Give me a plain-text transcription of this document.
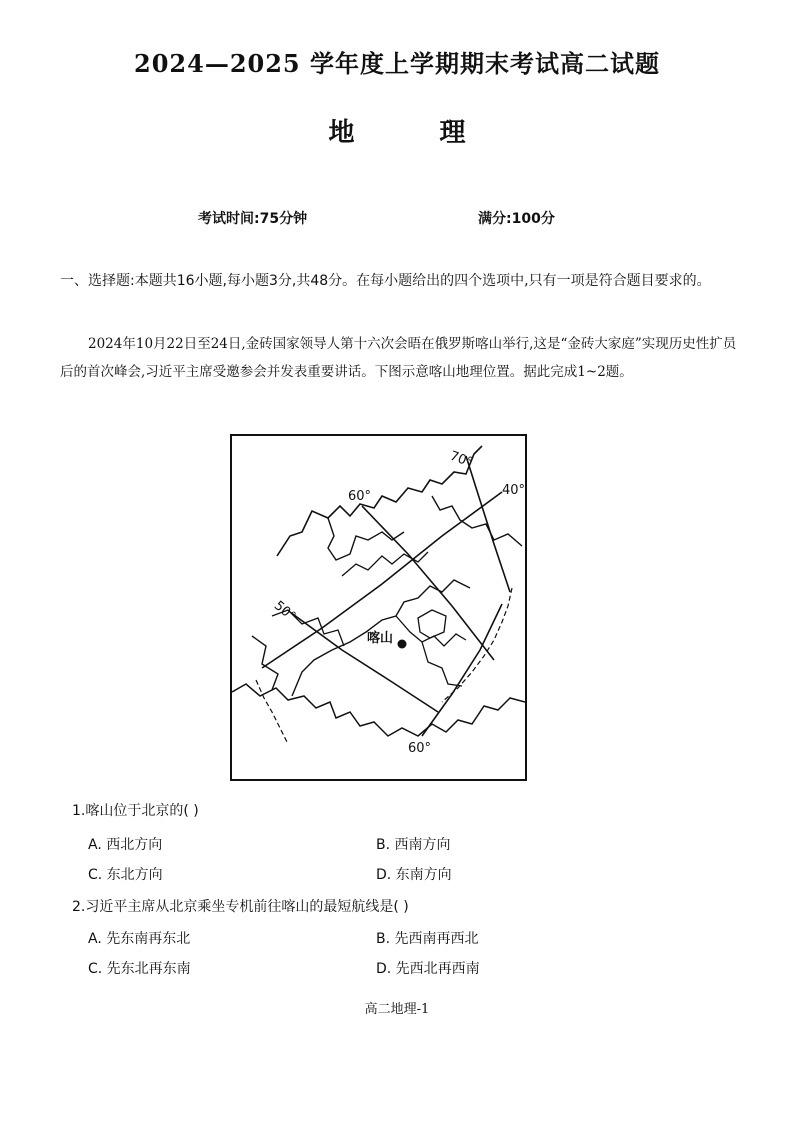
2024—2025 学年度上学期期末考试高二试题
地 理
考试时间:75分钟	满分:100分
一、选择题:本题共16小题,每小题3分,共48分。在每小题给出的四个选项中,只有一项是符合题目要求的。
2024年10月22日至24日,金砖国家领导人第十六次会晤在俄罗斯喀山举行,这是“金砖大家庭”实现历史性扩员后的首次峰会,习近平主席受邀参会并发表重要讲话。下图示意喀山地理位置。据此完成1~2题。
喀山
70°
60°
50°
40°
60°
1.喀山位于北京的( )
A. 西北方向	B. 西南方向
C. 东北方向	D. 东南方向
2.习近平主席从北京乘坐专机前往喀山的最短航线是( )
A. 先东南再东北	B. 先西南再西北
C. 先东北再东南	D. 先西北再西南
高二地理-1
